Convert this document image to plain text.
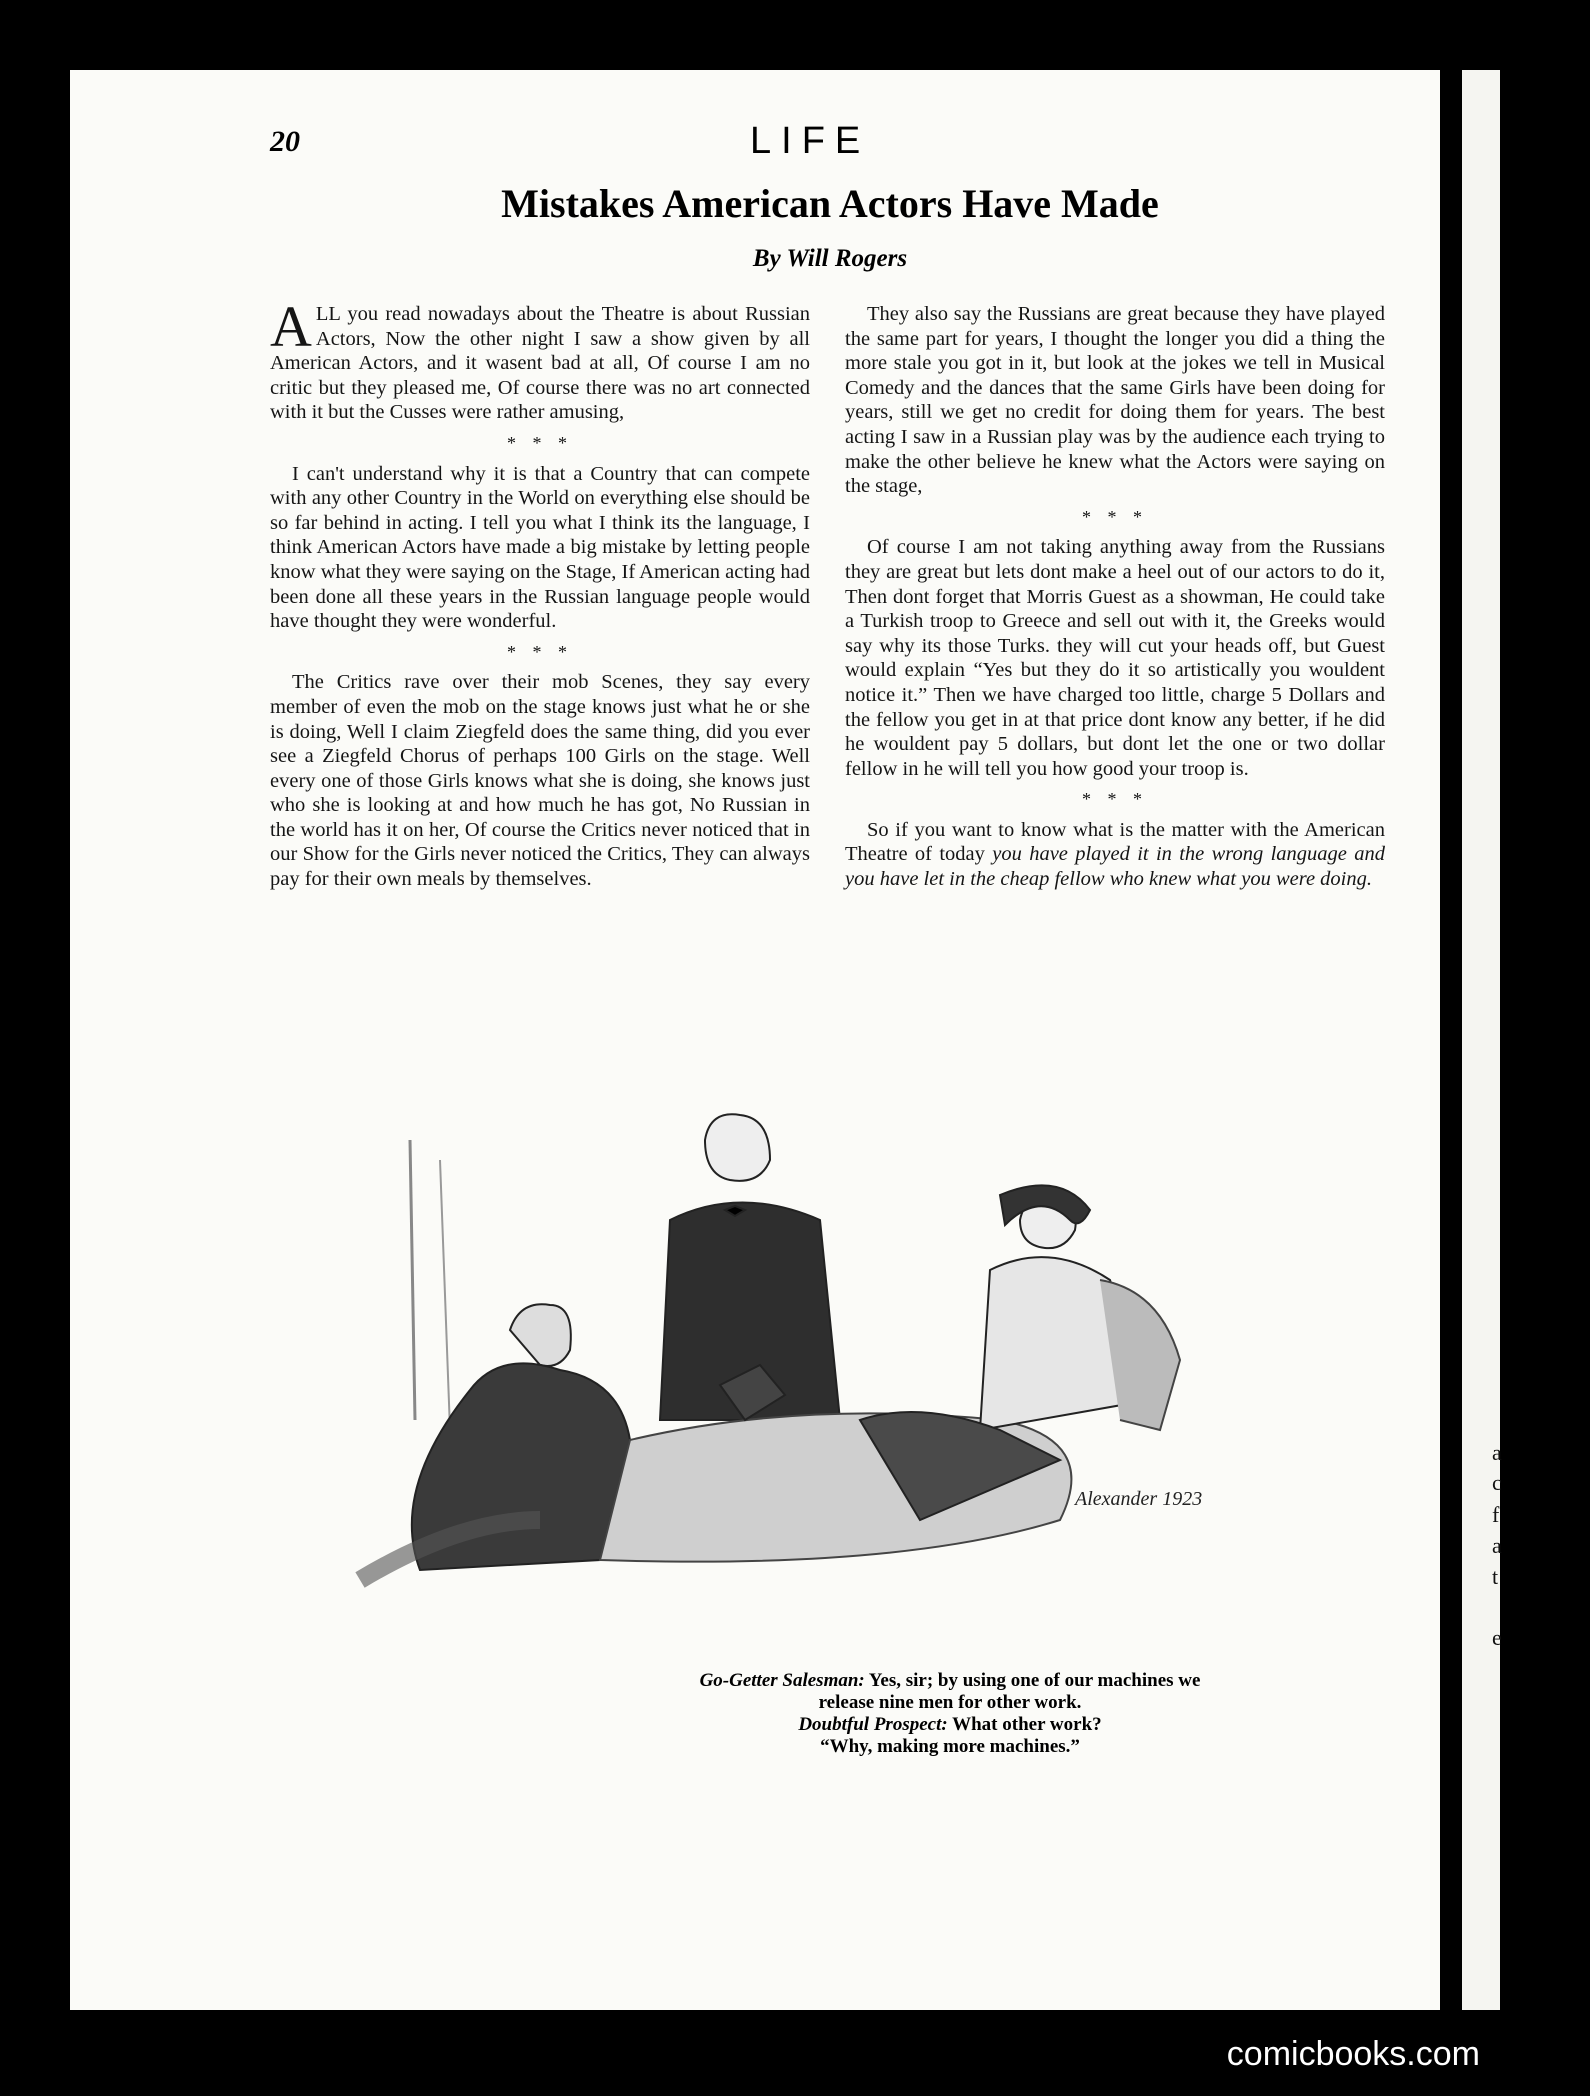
20	LIFE
Mistakes American Actors Have Made
By Will Rogers

ALL you read nowadays about the Theatre is about Russian Actors, Now the other night I saw a show given by all American Actors, and it wasent bad at all, Of course I am no critic but they pleased me, Of course there was no art connected with it but the Cusses were rather amusing,

* * *

I can't understand why it is that a Country that can compete with any other Country in the World on everything else should be so far behind in acting. I tell you what I think its the language, I think American Actors have made a big mistake by letting people know what they were saying on the Stage, If American acting had been done all these years in the Russian language people would have thought they were wonderful.

* * *

The Critics rave over their mob Scenes, they say every member of even the mob on the stage knows just what he or she is doing, Well I claim Ziegfeld does the same thing, did you ever see a Ziegfeld Chorus of perhaps 100 Girls on the stage. Well every one of those Girls knows what she is doing, she knows just who she is looking at and how much he has got, No Russian in the world has it on her, Of course the Critics never noticed that in our Show for the Girls never noticed the Critics, They can always pay for their own meals by themselves.

They also say the Russians are great because they have played the same part for years, I thought the longer you did a thing the more stale you got in it, but look at the jokes we tell in Musical Comedy and the dances that the same Girls have been doing for years, still we get no credit for doing them for years. The best acting I saw in a Russian play was by the audience each trying to make the other believe he knew what the Actors were saying on the stage,

* * *

Of course I am not taking anything away from the Russians they are great but lets dont make a heel out of our actors to do it, Then dont forget that Morris Guest as a showman, He could take a Turkish troop to Greece and sell out with it, the Greeks would say why its those Turks. they will cut your heads off, but Guest would explain “Yes but they do it so artistically you wouldent notice it.” Then we have charged too little, charge 5 Dollars and the fellow you get in at that price dont know any better, if he did he wouldent pay 5 dollars, but dont let the one or two dollar fellow in he will tell you how good your troop is.

* * *

So if you want to know what is the matter with the American Theatre of today you have played it in the wrong language and you have let in the cheap fellow who knew what you were doing.

Alexander 1923
Go-Getter Salesman: Yes, sir; by using one of our machines we release nine men for other work.
Doubtful Prospect: What other work?
“Why, making more machines.”
a
c
f
a
t
e
comicbooks.com
